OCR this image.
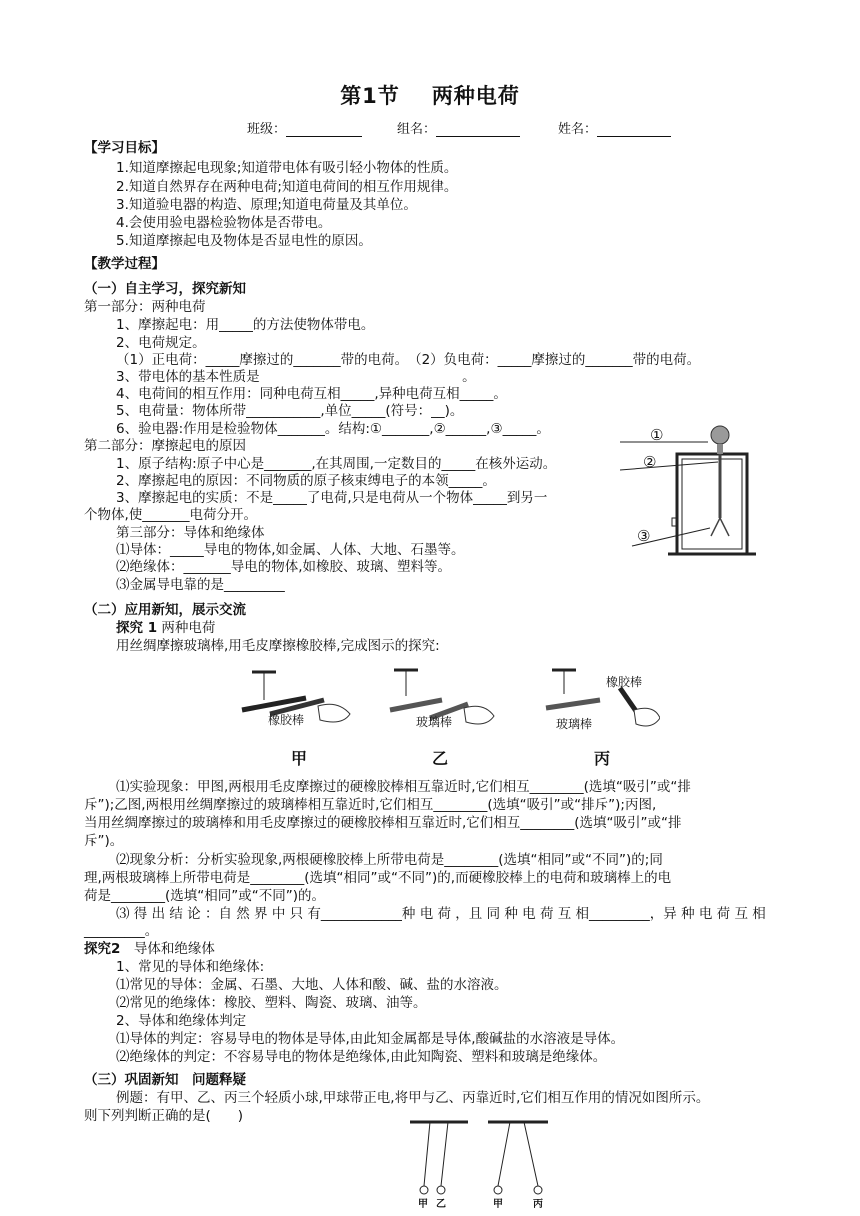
第1节 两种电荷
班级：	组名：	姓名：
【学习目标】
1.知道摩擦起电现象;知道带电体有吸引轻小物体的性质。
2.知道自然界存在两种电荷;知道电荷间的相互作用规律。
3.知道验电器的构造、原理;知道电荷量及其单位。
4.会使用验电器检验物体是否带电。
5.知道摩擦起电及物体是否显电性的原因。
【教学过程】
（一）自主学习，探究新知
第一部分：两种电荷
1、摩擦起电：用_____的方法使物体带电。
2、电荷规定。
（1）正电荷：_____摩擦过的_______带的电荷。　（2）负电荷：_____摩擦过的_______带的电荷。
3、带电体的基本性质是　　　　　　　　　　　　　　　。
4、电荷间的相互作用：同种电荷互相_____,异种电荷互相_____。
5、电荷量：物体所带___________,单位_____(符号：__)。
6、验电器:作用是检验物体_______。结构:①_______,②______,③_____。
第二部分：摩擦起电的原因
1、原子结构:原子中心是_______,在其周围,一定数目的_____在核外运动。
2、摩擦起电的原因：不同物质的原子核束缚电子的本领_____。
3、摩擦起电的实质：不是_____了电荷,只是电荷从一个物体_____到另一
个物体,使_______电荷分开。
第三部分：导体和绝缘体
⑴导体：_____导电的物体,如金属、人体、大地、石墨等。
⑵绝缘体：_______导电的物体,如橡胶、玻璃、塑料等。
⑶金属导电靠的是_________
①
②
③
（二）应用新知，展示交流
探究 1 两种电荷
用丝绸摩擦玻璃棒,用毛皮摩擦橡胶棒,完成图示的探究:
橡胶棒	玻璃棒	玻璃棒
橡胶棒
甲	乙	丙
⑴实验现象：甲图,两根用毛皮摩擦过的硬橡胶棒相互靠近时,它们相互________(选填“吸引”或“排
斥”);乙图,两根用丝绸摩擦过的玻璃棒相互靠近时,它们相互________(选填“吸引”或“排斥”);丙图,
当用丝绸摩擦过的玻璃棒和用毛皮摩擦过的硬橡胶棒相互靠近时,它们相互________(选填“吸引”或“排
斥”)。
⑵现象分析：分析实验现象,两根硬橡胶棒上所带电荷是________(选填“相同”或“不同”)的;同
理,两根玻璃棒上所带电荷是________(选填“相同”或“不同”)的,而硬橡胶棒上的电荷和玻璃棒上的电
荷是________(选填“相同”或“不同”)的。
⑶ 得 出 结 论 ：自 然 界 中 只 有____________种 电 荷 ，且 同 种 电 荷 互 相_________，异 种 电 荷 互 相
_________。
探究2　 导体和绝缘体
1、常见的导体和绝缘体:
⑴常见的导体：金属、石墨、大地、人体和酸、碱、盐的水溶液。
⑵常见的绝缘体：橡胶、塑料、陶瓷、玻璃、油等。
2、导体和绝缘体判定
⑴导体的判定：容易导电的物体是导体,由此知金属都是导体,酸碱盐的水溶液是导体。
⑵绝缘体的判定：不容易导电的物体是绝缘体,由此知陶瓷、塑料和玻璃是绝缘体。
（三）巩固新知　问题释疑
例题：有甲、乙、丙三个轻质小球,甲球带正电,将甲与乙、丙靠近时,它们相互作用的情况如图所示。
则下列判断正确的是(　　)
甲 乙	甲	丙
